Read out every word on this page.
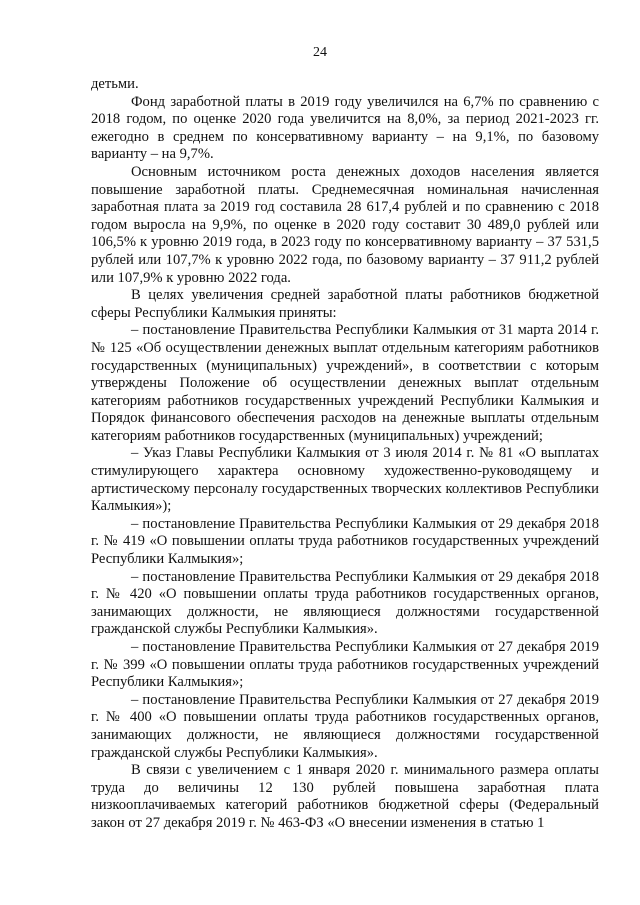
24

детьми.

Фонд заработной платы в 2019 году увеличился на 6,7% по сравнению с 2018 годом, по оценке 2020 года увеличится на 8,0%, за период 2021-2023 гг. ежегодно в среднем по консервативному варианту – на 9,1%, по базовому варианту – на 9,7%.

Основным источником роста денежных доходов населения является повышение заработной платы. Среднемесячная номинальная начисленная заработная плата за 2019 год составила 28 617,4 рублей и по сравнению с 2018 годом выросла на 9,9%, по оценке в 2020 году составит 30 489,0 рублей или 106,5% к уровню 2019 года, в 2023 году по консервативному варианту – 37 531,5 рублей или 107,7% к уровню 2022 года, по базовому варианту – 37 911,2 рублей или 107,9% к уровню 2022 года.

В целях увеличения средней заработной платы работников бюджетной сферы Республики Калмыкия приняты:

– постановление Правительства Республики Калмыкия от 31 марта 2014 г. № 125 «Об осуществлении денежных выплат отдельным категориям работников государственных (муниципальных) учреждений», в соответствии с которым утверждены Положение об осуществлении денежных выплат отдельным категориям работников государственных учреждений Республики Калмыкия и Порядок финансового обеспечения расходов на денежные выплаты отдельным категориям работников государственных (муниципальных) учреждений;

– Указ Главы Республики Калмыкия от 3 июля 2014 г. № 81 «О выплатах стимулирующего характера основному художественно-руководящему и артистическому персоналу государственных творческих коллективов Республики Калмыкия»);

– постановление Правительства Республики Калмыкия от 29 декабря 2018 г. № 419 «О повышении оплаты труда работников государственных учреждений Республики Калмыкия»;

– постановление Правительства Республики Калмыкия от 29 декабря 2018 г. № 420 «О повышении оплаты труда работников государственных органов, занимающих должности, не являющиеся должностями государственной гражданской службы Республики Калмыкия».

– постановление Правительства Республики Калмыкия от 27 декабря 2019 г. № 399 «О повышении оплаты труда работников государственных учреждений Республики Калмыкия»;

– постановление Правительства Республики Калмыкия от 27 декабря 2019 г. № 400 «О повышении оплаты труда работников государственных органов, занимающих должности, не являющиеся должностями государственной гражданской службы Республики Калмыкия».

В связи с увеличением с 1 января 2020 г. минимального размера оплаты труда до величины 12 130 рублей повышена заработная плата низкооплачиваемых категорий работников бюджетной сферы (Федеральный закон от 27 декабря 2019 г. № 463-ФЗ «О внесении изменения в статью 1
